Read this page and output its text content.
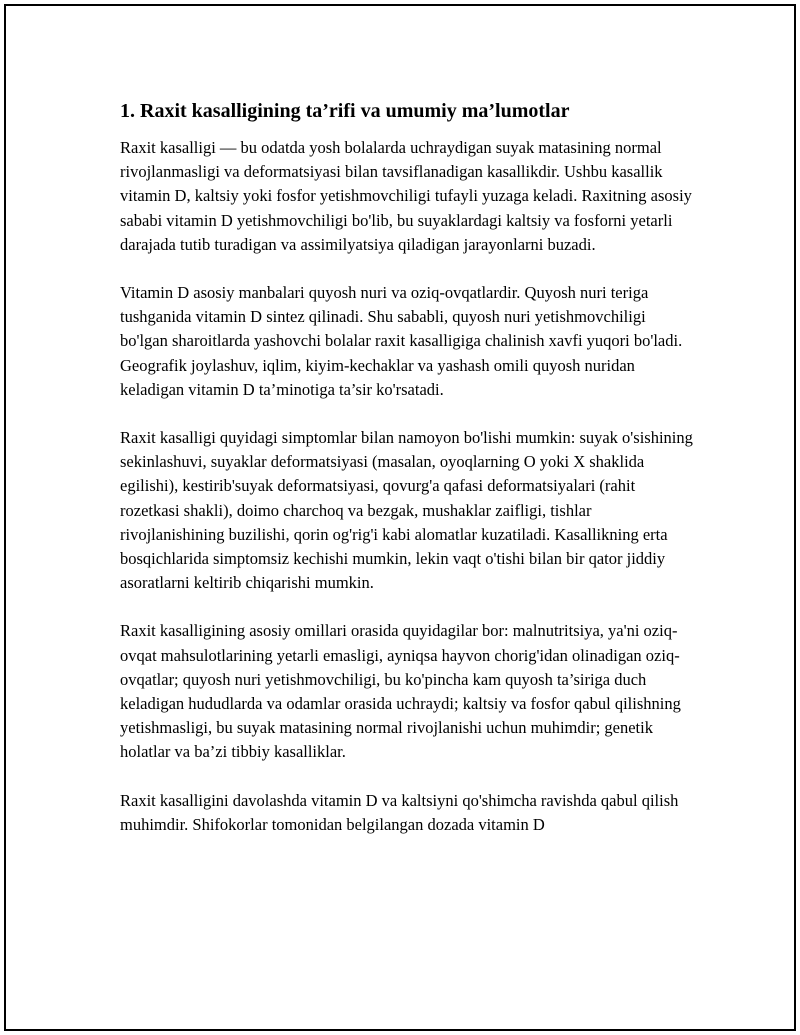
1. Raxit kasalligining ta’rifi va umumiy ma’lumotlar

Raxit kasalligi — bu odatda yosh bolalarda uchraydigan suyak matasining normal rivojlanmasligi va deformatsiyasi bilan tavsiflanadigan kasallikdir. Ushbu kasallik vitamin D, kaltsiy yoki fosfor yetishmovchiligi tufayli yuzaga keladi. Raxitning asosiy sababi vitamin D yetishmovchiligi bo'lib, bu suyaklardagi kaltsiy va fosforni yetarli darajada tutib turadigan va assimilyatsiya qiladigan jarayonlarni buzadi.

Vitamin D asosiy manbalari quyosh nuri va oziq-ovqatlardir. Quyosh nuri teriga tushganida vitamin D sintez qilinadi. Shu sababli, quyosh nuri yetishmovchiligi bo'lgan sharoitlarda yashovchi bolalar raxit kasalligiga chalinish xavfi yuqori bo'ladi. Geografik joylashuv, iqlim, kiyim-kechaklar va yashash omili quyosh nuridan keladigan vitamin D ta’minotiga ta’sir ko'rsatadi.

Raxit kasalligi quyidagi simptomlar bilan namoyon bo'lishi mumkin: suyak o'sishining sekinlashuvi, suyaklar deformatsiyasi (masalan, oyoqlarning O yoki X shaklida egilishi), kestirib'suyak deformatsiyasi, qovurg'a qafasi deformatsiyalari (rahit rozetkasi shakli), doimo charchoq va bezgak, mushaklar zaifligi, tishlar rivojlanishining buzilishi, qorin og'rig'i kabi alomatlar kuzatiladi. Kasallikning erta bosqichlarida simptomsiz kechishi mumkin, lekin vaqt o'tishi bilan bir qator jiddiy asoratlarni keltirib chiqarishi mumkin.

Raxit kasalligining asosiy omillari orasida quyidagilar bor: malnutritsiya, ya'ni oziq-ovqat mahsulotlarining yetarli emasligi, ayniqsa hayvon chorig'idan olinadigan oziq-ovqatlar; quyosh nuri yetishmovchiligi, bu ko'pincha kam quyosh ta’siriga duch keladigan hududlarda va odamlar orasida uchraydi; kaltsiy va fosfor qabul qilishning yetishmasligi, bu suyak matasining normal rivojlanishi uchun muhimdir; genetik holatlar va ba’zi tibbiy kasalliklar.

Raxit kasalligini davolashda vitamin D va kaltsiyni qo'shimcha ravishda qabul qilish muhimdir. Shifokorlar tomonidan belgilangan dozada vitamin D
